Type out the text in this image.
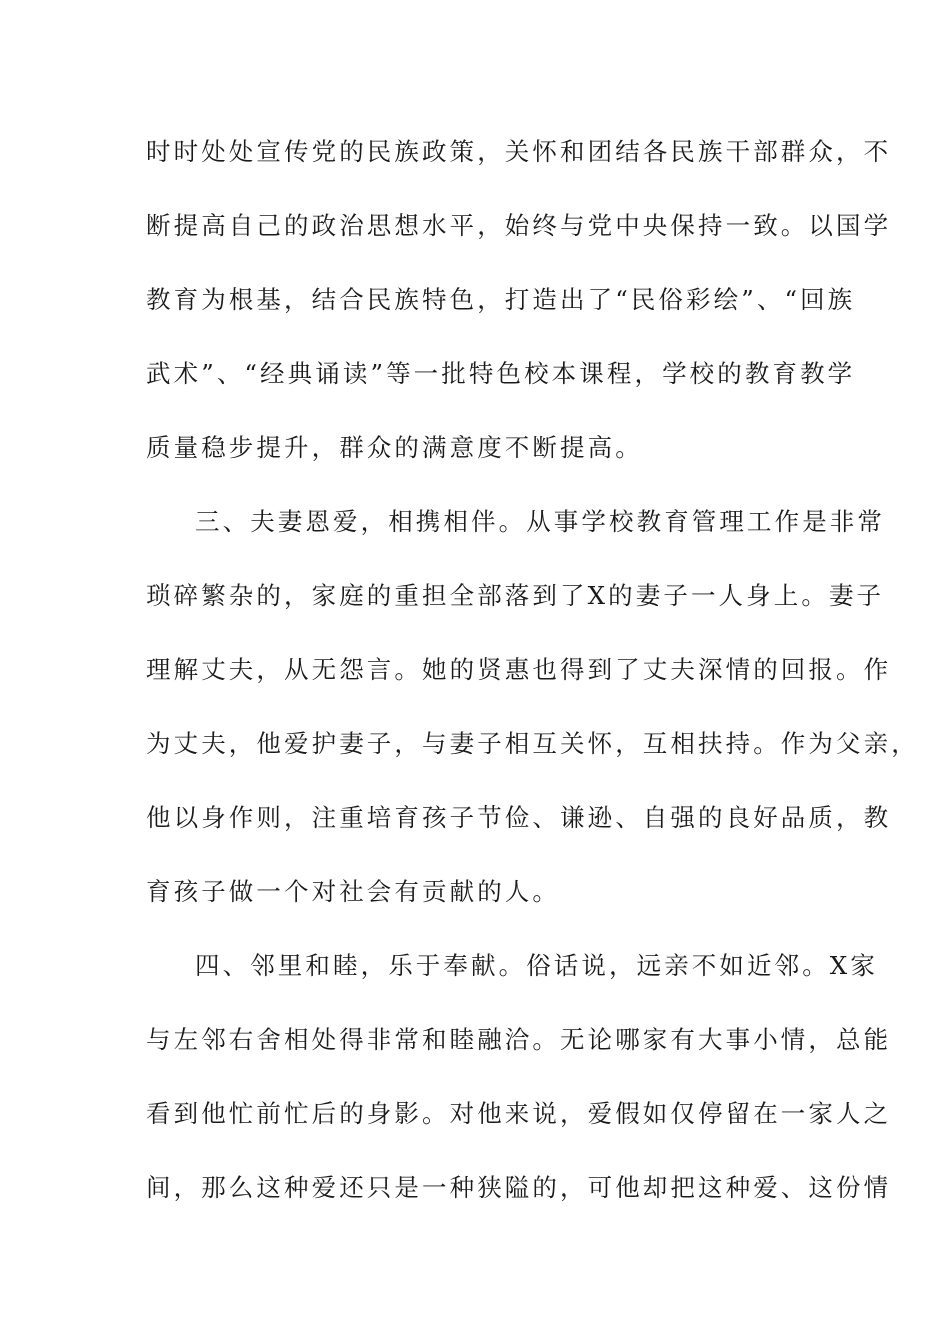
时时处处宣传党的民族政策，关怀和团结各民族干部群众，不
断提高自己的政治思想水平，始终与党中央保持一致。以国学
教育为根基，结合民族特色，打造出了“民俗彩绘”、“回族
武术”、“经典诵读”等一批特色校本课程，学校的教育教学
质量稳步提升，群众的满意度不断提高。
三、夫妻恩爱，相携相伴。从事学校教育管理工作是非常
琐碎繁杂的，家庭的重担全部落到了X的妻子一人身上。妻子
理解丈夫，从无怨言。她的贤惠也得到了丈夫深情的回报。作
为丈夫，他爱护妻子，与妻子相互关怀，互相扶持。作为父亲，
他以身作则，注重培育孩子节俭、谦逊、自强的良好品质，教
育孩子做一个对社会有贡献的人。
四、邻里和睦，乐于奉献。俗话说，远亲不如近邻。X家
与左邻右舍相处得非常和睦融洽。无论哪家有大事小情，总能
看到他忙前忙后的身影。对他来说，爱假如仅停留在一家人之
间，那么这种爱还只是一种狭隘的，可他却把这种爱、这份情
